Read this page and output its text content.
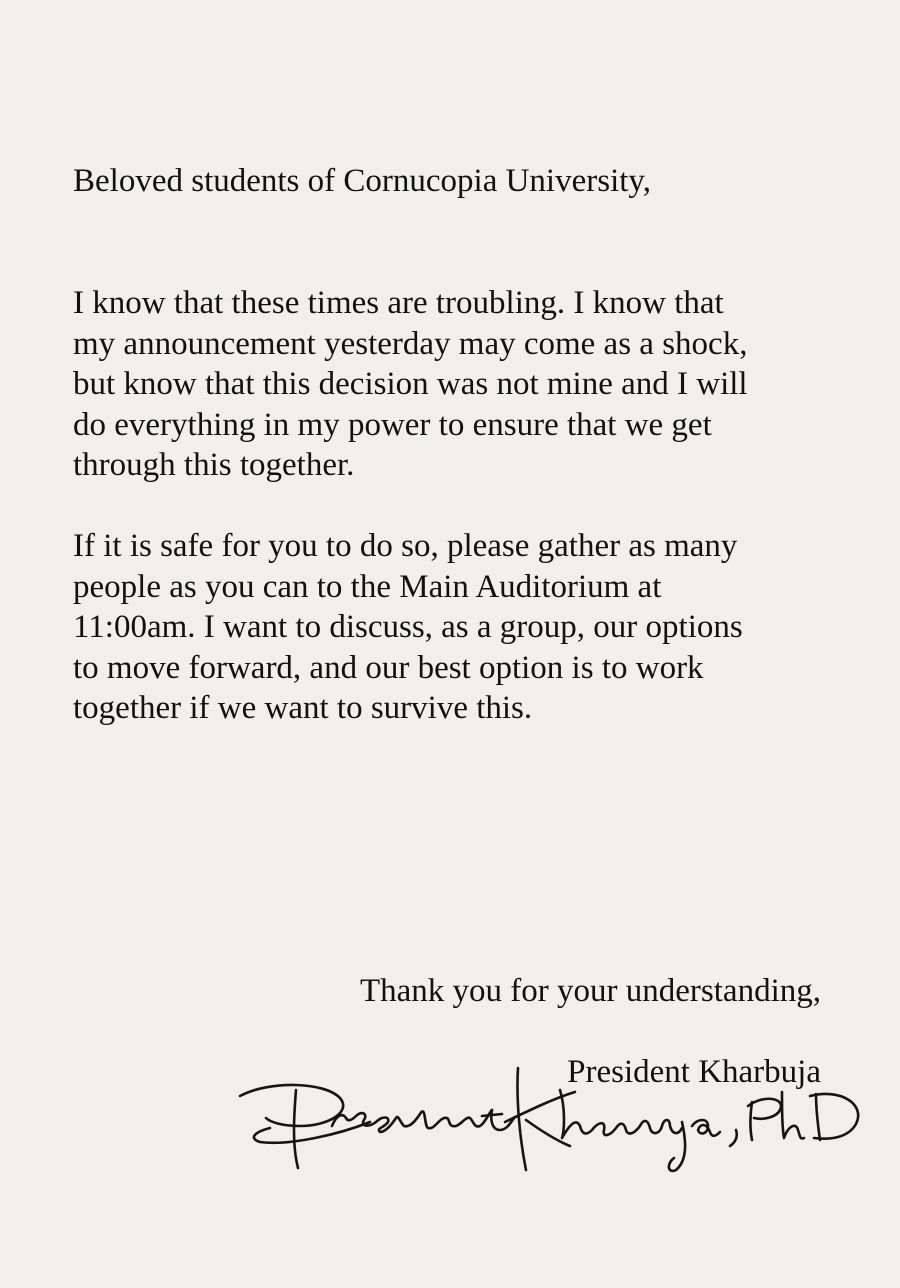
Beloved students of Cornucopia University,

I know that these times are troubling. I know that
my announcement yesterday may come as a shock,
but know that this decision was not mine and I will
do everything in my power to ensure that we get
through this together.

If it is safe for you to do so, please gather as many
people as you can to the Main Auditorium at
11:00am. I want to discuss, as a group, our options
to move forward, and our best option is to work
together if we want to survive this.

Thank you for your understanding,

President Kharbuja
